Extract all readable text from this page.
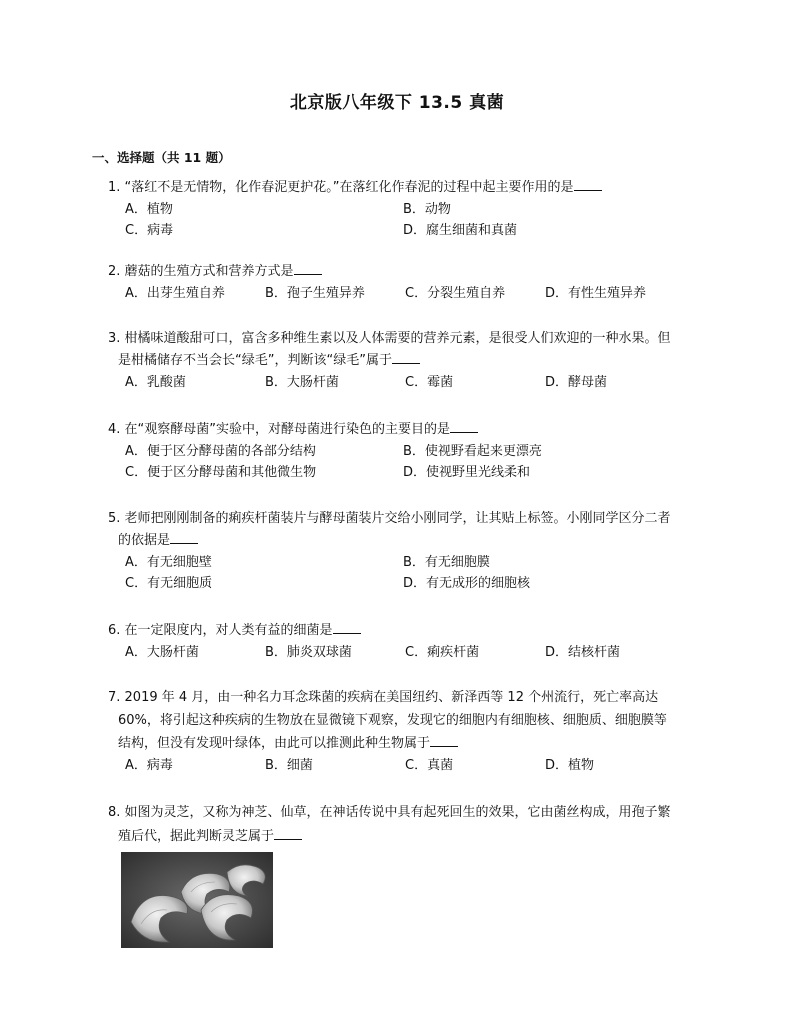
北京版八年级下 13.5 真菌
一、选择题（共 11 题）

1. “落红不是无情物，化作春泥更护花。”在落红化作春泥的过程中起主要作用的是

A．植物	B．动物
C．病毒	D．腐生细菌和真菌

2. 蘑菇的生殖方式和营养方式是

A．出芽生殖自养	B．孢子生殖异养	C．分裂生殖自养	D．有性生殖异养

3. 柑橘味道酸甜可口，富含多种维生素以及人体需要的营养元素，是很受人们欢迎的一种水果。但
是柑橘储存不当会长“绿毛”，判断该“绿毛”属于

A．乳酸菌	B．大肠杆菌	C．霉菌	D．酵母菌

4. 在“观察酵母菌”实验中，对酵母菌进行染色的主要目的是

A．便于区分酵母菌的各部分结构	B．使视野看起来更漂亮
C．便于区分酵母菌和其他微生物	D．使视野里光线柔和

5. 老师把刚刚制备的痢疾杆菌装片与酵母菌装片交给小刚同学，让其贴上标签。小刚同学区分二者
的依据是

A．有无细胞壁	B．有无细胞膜
C．有无细胞质	D．有无成形的细胞核

6. 在一定限度内，对人类有益的细菌是

A．大肠杆菌	B．肺炎双球菌	C．痢疾杆菌	D．结核杆菌

7. 2019 年 4 月，由一种名力耳念珠菌的疾病在美国纽约、新泽西等 12 个州流行，死亡率高达
60%，将引起这种疾病的生物放在显微镜下观察，发现它的细胞内有细胞核、细胞质、细胞膜等
结构，但没有发现叶绿体，由此可以推测此种生物属于

A．病毒	B．细菌	C．真菌	D．植物

8. 如图为灵芝，又称为神芝、仙草，在神话传说中具有起死回生的效果，它由菌丝构成，用孢子繁
殖后代，据此判断灵芝属于
